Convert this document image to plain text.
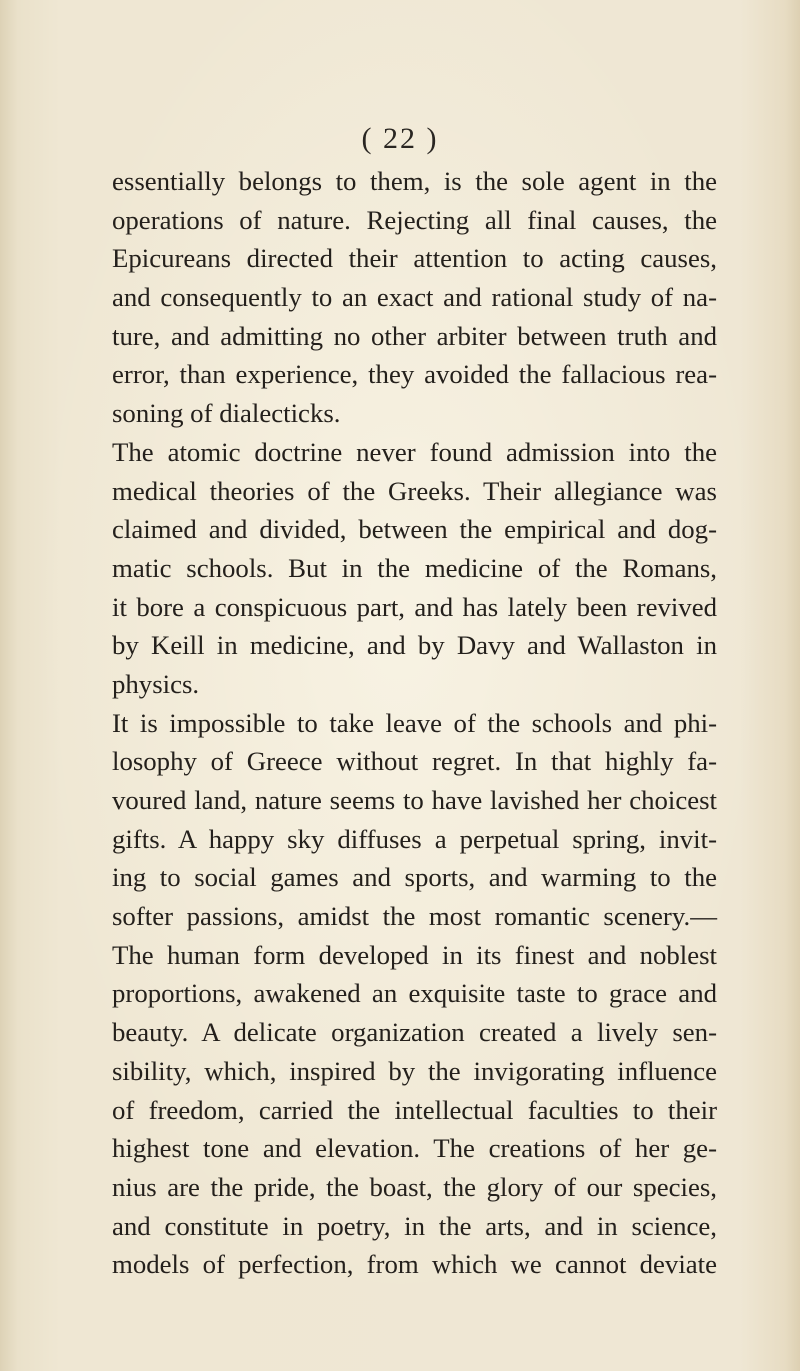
( 22 )
essentially belongs to them, is the sole agent in the
operations of nature. Rejecting all final causes, the
Epicureans directed their attention to acting causes,
and consequently to an exact and rational study of na-
ture, and admitting no other arbiter between truth and
error, than experience, they avoided the fallacious rea-
soning of dialecticks.
The atomic doctrine never found admission into the
medical theories of the Greeks. Their allegiance was
claimed and divided, between the empirical and dog-
matic schools. But in the medicine of the Romans,
it bore a conspicuous part, and has lately been revived
by Keill in medicine, and by Davy and Wallaston in
physics.
It is impossible to take leave of the schools and phi-
losophy of Greece without regret. In that highly fa-
voured land, nature seems to have lavished her choicest
gifts. A happy sky diffuses a perpetual spring, invit-
ing to social games and sports, and warming to the
softer passions, amidst the most romantic scenery.—
The human form developed in its finest and noblest
proportions, awakened an exquisite taste to grace and
beauty. A delicate organization created a lively sen-
sibility, which, inspired by the invigorating influence
of freedom, carried the intellectual faculties to their
highest tone and elevation. The creations of her ge-
nius are the pride, the boast, the glory of our species,
and constitute in poetry, in the arts, and in science,
models of perfection, from which we cannot deviate
